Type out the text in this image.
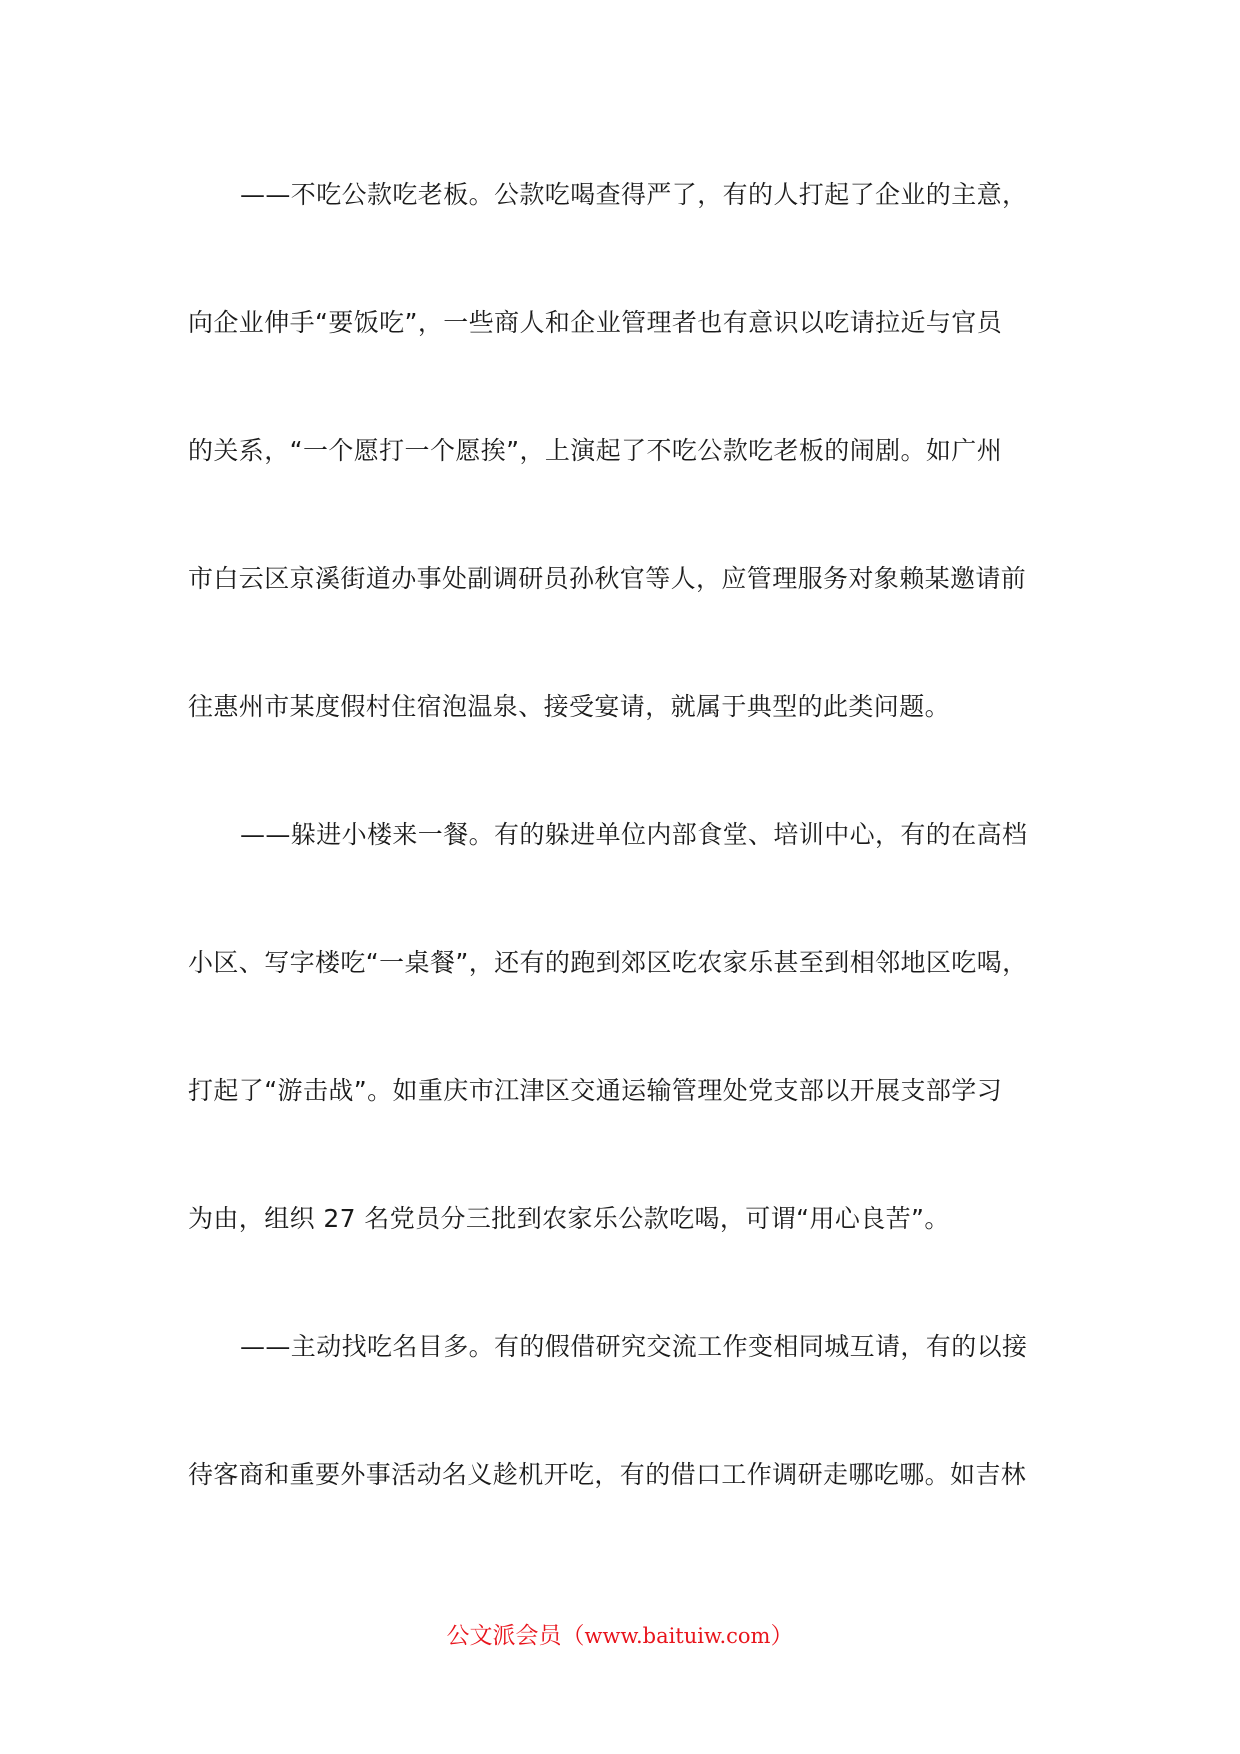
——不吃公款吃老板。公款吃喝查得严了，有的人打起了企业的主意，
向企业伸手“要饭吃”，一些商人和企业管理者也有意识以吃请拉近与官员
的关系，“一个愿打一个愿挨”，上演起了不吃公款吃老板的闹剧。如广州
市白云区京溪街道办事处副调研员孙秋官等人，应管理服务对象赖某邀请前
往惠州市某度假村住宿泡温泉、接受宴请，就属于典型的此类问题。
——躲进小楼来一餐。有的躲进单位内部食堂、培训中心，有的在高档
小区、写字楼吃“一桌餐”，还有的跑到郊区吃农家乐甚至到相邻地区吃喝，
打起了“游击战”。如重庆市江津区交通运输管理处党支部以开展支部学习
为由，组织 27 名党员分三批到农家乐公款吃喝，可谓“用心良苦”。
——主动找吃名目多。有的假借研究交流工作变相同城互请，有的以接
待客商和重要外事活动名义趁机开吃，有的借口工作调研走哪吃哪。如吉林
公文派会员（www.baituiw.com）
